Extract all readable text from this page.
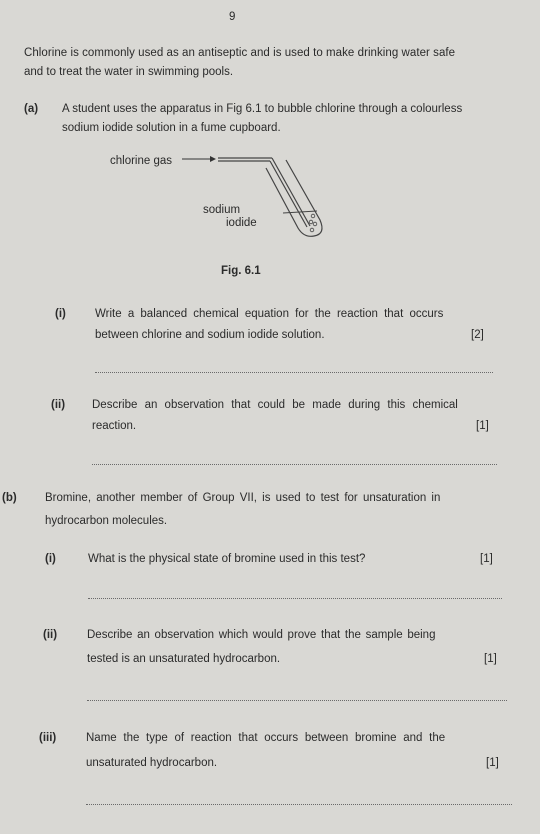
9
Chlorine is commonly used as an antiseptic and is used to make drinking water safe
and to treat the water in swimming pools.
(a) A student uses the apparatus in Fig 6.1 to bubble chlorine through a colourless
sodium iodide solution in a fume cupboard.
chlorine gas
sodium
iodide
Fig. 6.1
(i)	Write a balanced chemical equation for the reaction that occurs
between chlorine and sodium iodide solution.	[2]
(ii) Describe an observation that could be made during this chemical
reaction.	[1]
(b) Bromine, another member of Group VII, is used to test for unsaturation in
hydrocarbon molecules.
(i)	What is the physical state of bromine used in this test?	[1]
(ii)	Describe an observation which would prove that the sample being
tested is an unsaturated hydrocarbon.	[1]
(iii)	Name the type of reaction that occurs between bromine and the
unsaturated hydrocarbon.	[1]
